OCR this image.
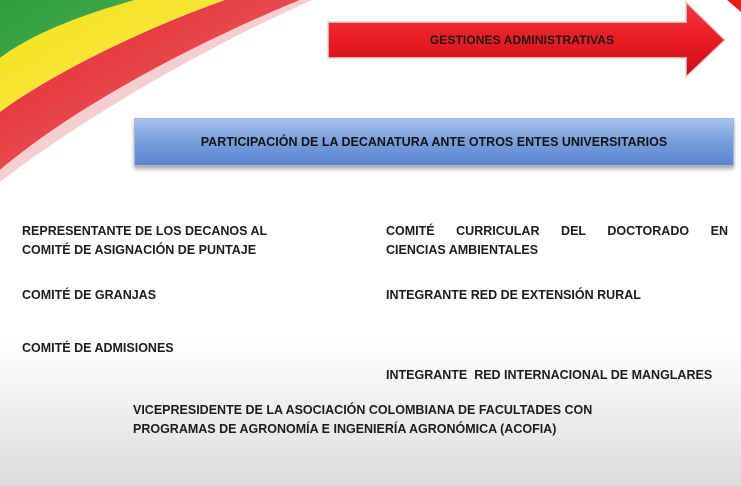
GESTIONES ADMINISTRATIVAS
PARTICIPACIÓN DE LA DECANATURA ANTE OTROS ENTES UNIVERSITARIOS
REPRESENTANTE DE LOS DECANOS AL
COMITÉ DE ASIGNACIÓN DE PUNTAJE
COMITÉ DE GRANJAS
COMITÉ DE ADMISIONES
COMITÉ CURRICULAR DEL DOCTORADO EN
CIENCIAS AMBIENTALES
INTEGRANTE RED DE EXTENSIÓN RURAL

INTEGRANTE  RED INTERNACIONAL DE MANGLARES

VICEPRESIDENTE DE LA ASOCIACIÓN COLOMBIANA DE FACULTADES CON
PROGRAMAS DE AGRONOMÍA E INGENIERÍA AGRONÓMICA (ACOFIA)
